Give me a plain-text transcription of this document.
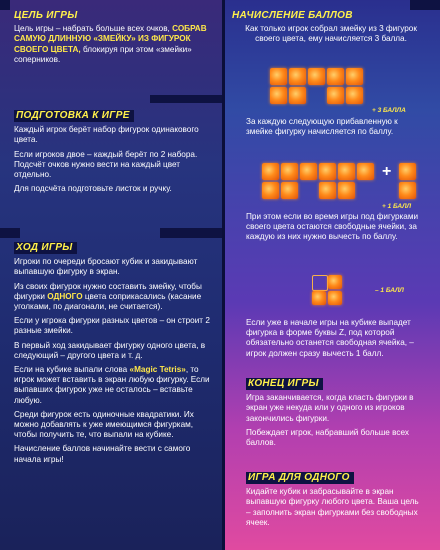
ЦЕЛЬ ИГРЫ
Цель игры – набрать больше всех очков, СОБРАВ САМУЮ ДЛИННУЮ «ЗМЕЙКУ» ИЗ ФИГУРОК СВОЕГО ЦВЕТА, блокируя при этом «змейки» соперников.
ПОДГОТОВКА К ИГРЕ
Каждый игрок берёт набор фигурок одинакового цвета.
Если игроков двое – каждый берёт по 2 набора. Подсчёт очков нужно вести на каждый цвет отдельно.
Для подсчёта подготовьте листок и ручку.
ХОД ИГРЫ
Игроки по очереди бросают кубик и закидывают выпавшую фигурку в экран.
Из своих фигурок нужно составить змейку, чтобы фигурки ОДНОГО цвета соприкасались (касание уголками, по диагонали, не считается).
Если у игрока фигурки разных цветов – он строит 2 разные змейки.
В первый ход закидывает фигурку одного цвета, в следующий – другого цвета и т. д.
Если на кубике выпали слова «Magic Tetris», то игрок может вставить в экран любую фигурку. Если выпавших фигурок уже не осталось – вставьте любую.
Среди фигурок есть одиночные квадратики. Их можно добавлять к уже имеющимся фигуркам, чтобы получить те, что выпали на кубике.
Начисление баллов начинайте вести с самого начала игры!
НАЧИСЛЕНИЕ БАЛЛОВ
Как только игрок собрал змейку из 3 фигурок своего цвета, ему начисляется 3 балла.
+ 3 БАЛЛА
За каждую следующую прибавленную к змейке фигурку начисляется по баллу.
+
+ 1 БАЛЛ
При этом если во время игры под фигурками своего цвета остаются свободные ячейки, за каждую из них нужно вычесть по баллу.
– 1 БАЛЛ
Если уже в начале игры на кубике выпадет фигурка в форме буквы Z, под которой обязательно останется свободная ячейка, – игрок должен сразу вычесть 1 балл.
КОНЕЦ ИГРЫ
Игра заканчивается, когда класть фигурки в экран уже некуда или у одного из игроков закончились фигурки.
Побеждает игрок, набравший больше всех баллов.
ИГРА ДЛЯ ОДНОГО
Кидайте кубик и забрасывайте в экран выпавшую фигурку любого цвета. Ваша цель – заполнить экран фигурками без свободных ячеек.
